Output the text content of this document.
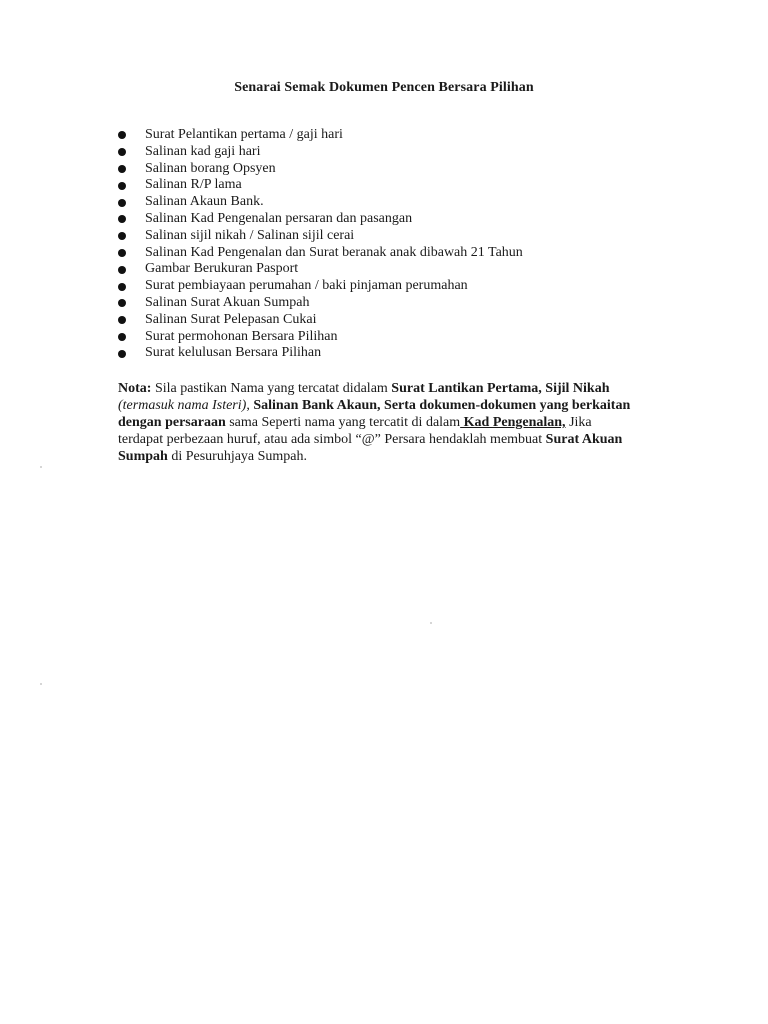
Senarai Semak Dokumen Pencen Bersara Pilihan
Surat Pelantikan pertama / gaji hari
Salinan kad gaji hari
Salinan borang Opsyen
Salinan R/P lama
Salinan Akaun Bank.
Salinan Kad Pengenalan persaran dan pasangan
Salinan sijil nikah / Salinan sijil cerai
Salinan Kad Pengenalan dan Surat beranak anak dibawah 21 Tahun
Gambar Berukuran Pasport
Surat pembiayaan perumahan / baki pinjaman perumahan
Salinan Surat Akuan Sumpah
Salinan Surat Pelepasan Cukai
Surat permohonan Bersara Pilihan
Surat kelulusan Bersara Pilihan

Nota: Sila pastikan Nama yang tercatat didalam Surat Lantikan Pertama, Sijil Nikah (termasuk nama Isteri), Salinan Bank Akaun, Serta dokumen-dokumen yang berkaitan dengan persaraan sama Seperti nama yang tercatit di dalam Kad Pengenalan, Jika terdapat perbezaan huruf, atau ada simbol “@” Persara hendaklah membuat Surat Akuan Sumpah di Pesuruhjaya Sumpah.
